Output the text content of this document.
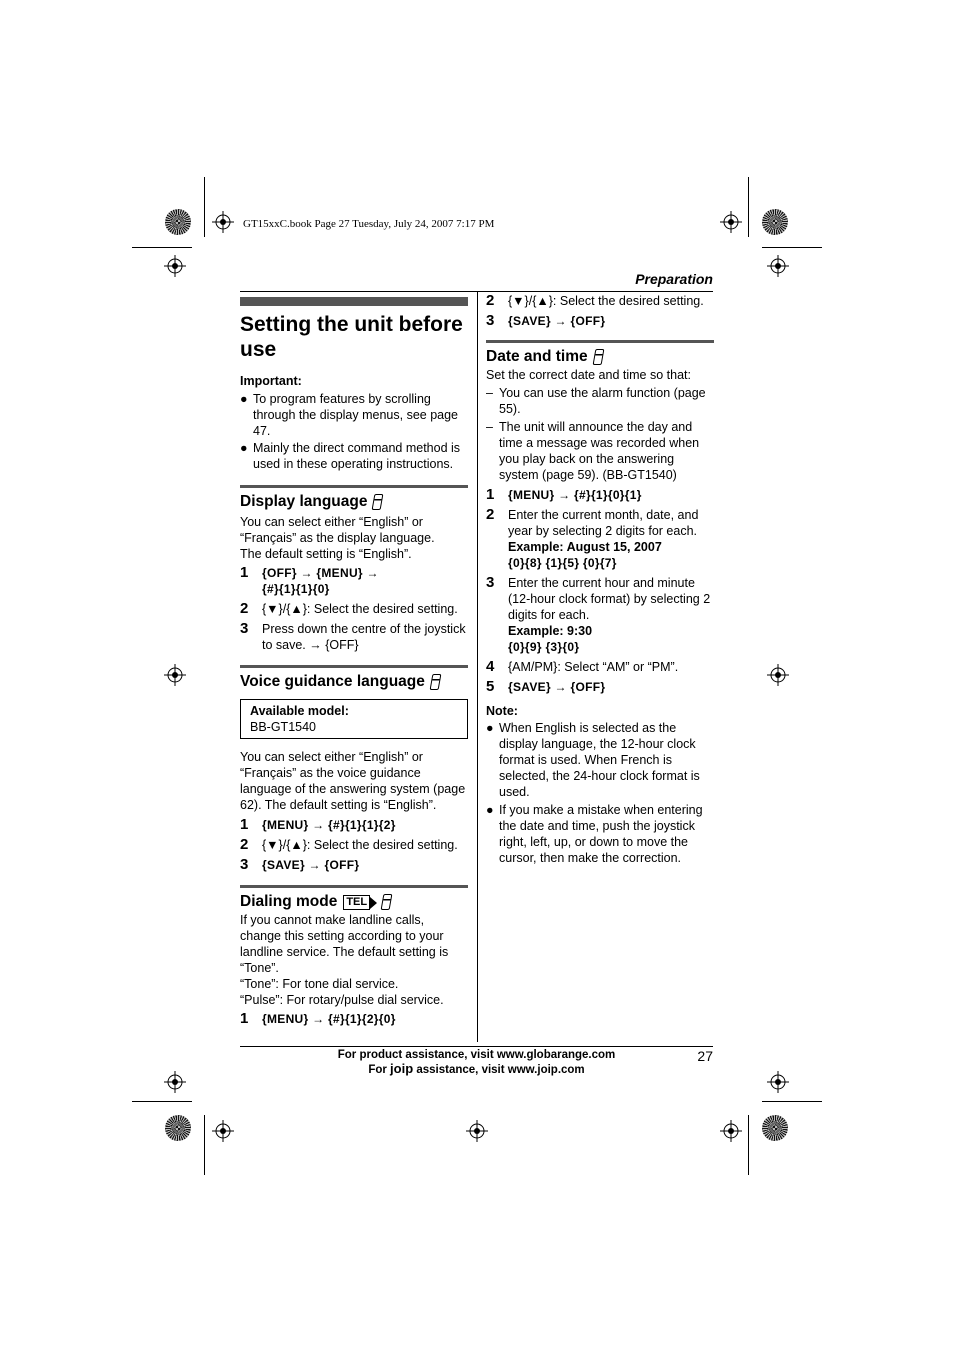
GT15xxC.book Page 27 Tuesday, July 24, 2007 7:17 PM
Preparation
Setting the unit before
use

Important:

● To program features by scrolling
through the display menus, see page
47.
● Mainly the direct command method is
used in these operating instructions.
Display language

You can select either “English” or

“Français” as the display language.

The default setting is “English”.

1	{OFF} → {MENU} →
{#}{1}{1}{0}
2	{▼}/{▲}: Select the desired setting.
3	Press down the centre of the joystick
to save. → {OFF}
Voice guidance language

Available model:

BB-GT1540

You can select either “English” or

“Français” as the voice guidance

language of the answering system (page

62). The default setting is “English”.

1	{MENU} → {#}{1}{1}{2}
2	{▼}/{▲}: Select the desired setting.
3	{SAVE} → {OFF}
Dialing mode TEL

If you cannot make landline calls,

change this setting according to your

landline service. The default setting is

“Tone”.

“Tone”: For tone dial service.

“Pulse”: For rotary/pulse dial service.

1	{MENU} → {#}{1}{2}{0}
2	{▼}/{▲}: Select the desired setting.
3	{SAVE} → {OFF}
Date and time

Set the correct date and time so that:

– You can use the alarm function (page
55).
– The unit will announce the day and
time a message was recorded when
you play back on the answering
system (page 59). (BB-GT1540)
1	{MENU} → {#}{1}{0}{1}
2	Enter the current month, date, and
year by selecting 2 digits for each.
Example: August 15, 2007
{0}{8} {1}{5} {0}{7}
3	Enter the current hour and minute
(12-hour clock format) by selecting 2
digits for each.
Example: 9:30
{0}{9} {3}{0}
4	{AM/PM}: Select “AM” or “PM”.
5	{SAVE} → {OFF}

Note:

● When English is selected as the
display language, the 12-hour clock
format is used. When French is
selected, the 24-hour clock format is
used.
● If you make a mistake when entering
the date and time, push the joystick
right, left, up, or down to move the
cursor, then make the correction.
For product assistance, visit www.globarange.com
For joip assistance, visit www.joip.com
27
